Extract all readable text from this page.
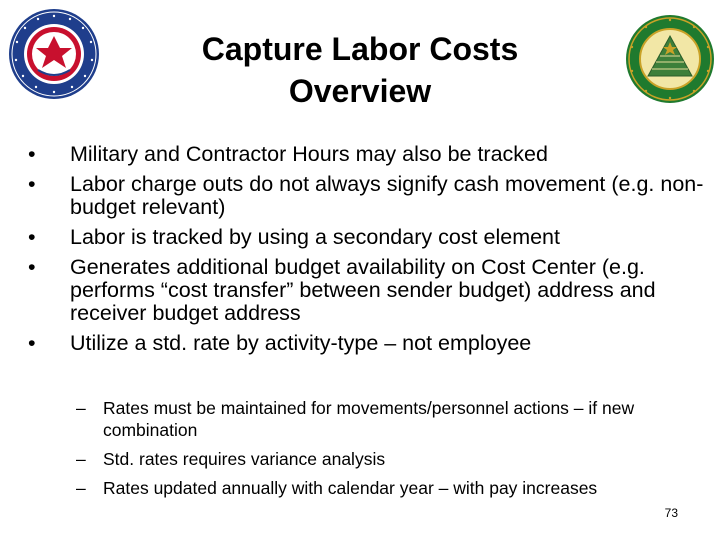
Capture Labor Costs Overview
• Military and Contractor Hours may also be tracked
• Labor charge outs do not always signify cash movement (e.g. non-budget relevant)
• Labor is tracked by using a secondary cost element
• Generates additional budget availability on Cost Center (e.g. performs “cost transfer” between sender budget) address and receiver budget address
• Utilize a std. rate by activity-type – not employee
– Rates must be maintained for movements/personnel actions – if new combination
– Std. rates requires variance analysis
– Rates updated annually with calendar year – with pay increases
73
